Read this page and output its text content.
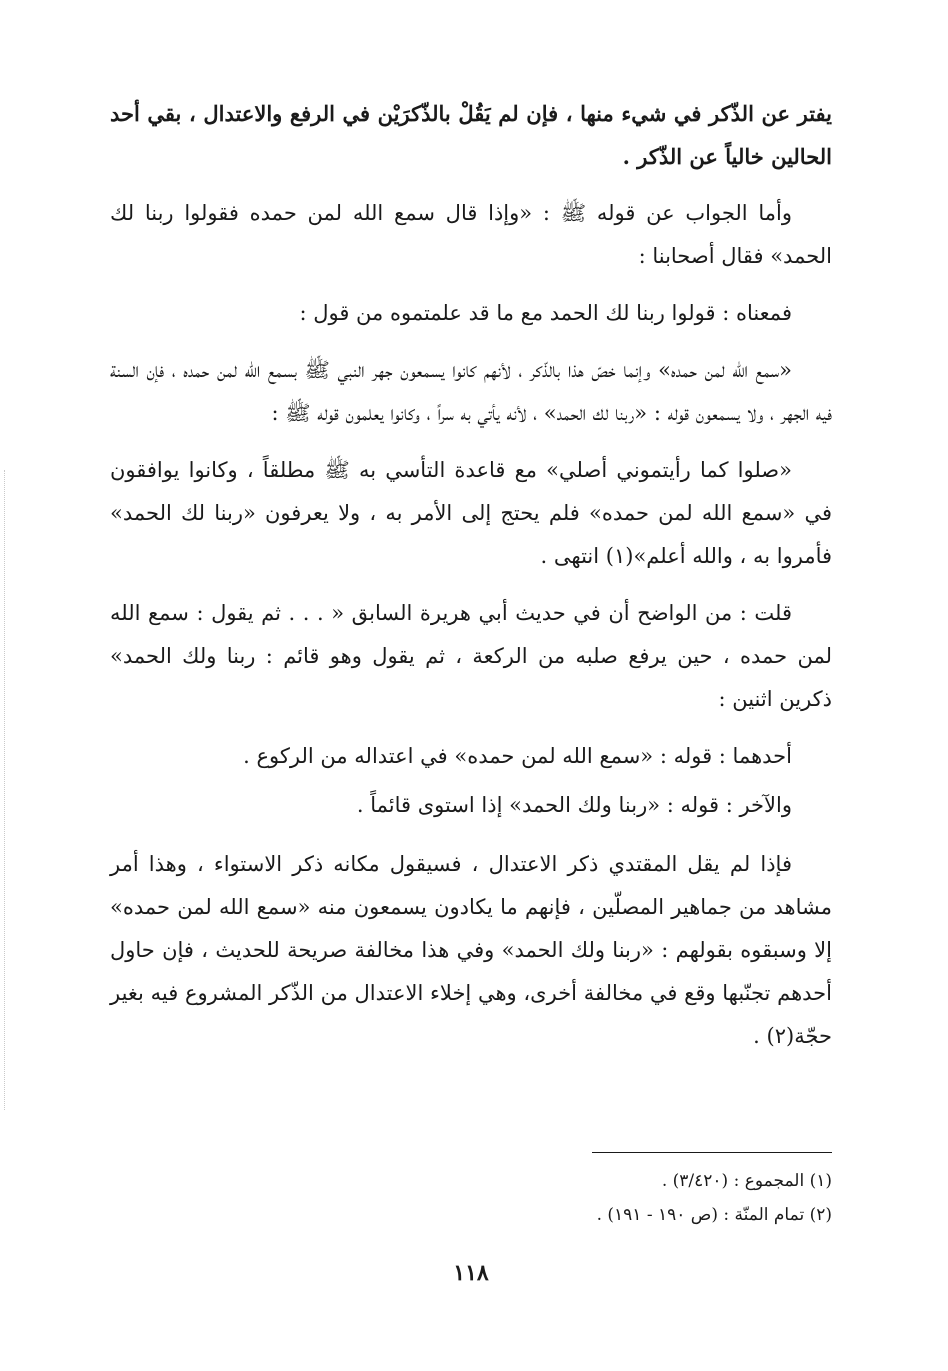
يفتر عن الذّكر في شيء منها ، فإن لم يَقُلْ بالذّكرَيْن في الرفع والاعتدال ، بقي أحد الحالين خالياً عن الذّكر .

وأما الجواب عن قوله ﷺ : «وإذا قال سمع الله لمن حمده فقولوا ربنا لك الحمد» فقال أصحابنا :

فمعناه : قولوا ربنا لك الحمد مع ما قد علمتموه من قول :

«سمع الله لمن حمده» وإنما خصّ هذا بالذّكر ، لأنهم كانوا يسمعون جهر النبي ﷺ بسمع الله لمن حمده ، فإن السنة فيه الجهر ، ولا يسمعون قوله : «ربنا لك الحمد» ، لأنه يأتي به سراً ، وكانوا يعلمون قوله ﷺ :

«صلوا كما رأيتموني أصلي» مع قاعدة التأسي به ﷺ مطلقاً ، وكانوا يوافقون في «سمع الله لمن حمده» فلم يحتج إلى الأمر به ، ولا يعرفون «ربنا لك الحمد» فأمروا به ، والله أعلم»(١) انتهى .

قلت : من الواضح أن في حديث أبي هريرة السابق « . . . ثم يقول : سمع الله لمن حمده ، حين يرفع صلبه من الركعة ، ثم يقول وهو قائم : ربنا ولك الحمد» ذكرين اثنين :

أحدهما : قوله : «سمع الله لمن حمده» في اعتداله من الركوع .

والآخر : قوله : «ربنا ولك الحمد» إذا استوى قائماً .

فإذا لم يقل المقتدي ذكر الاعتدال ، فسيقول مكانه ذكر الاستواء ، وهذا أمر مشاهد من جماهير المصلّين ، فإنهم ما يكادون يسمعون منه «سمع الله لمن حمده» إلا وسبقوه بقولهم : «ربنا ولك الحمد» وفي هذا مخالفة صريحة للحديث ، فإن حاول أحدهم تجنّبها وقع في مخالفة أخرى، وهي إخلاء الاعتدال من الذّكر المشروع فيه بغير حجّة(٢) .

(١) المجموع : (٣/٤٢٠) .

(٢) تمام المنّة : (ص ١٩٠ - ١٩١) .

١١٨
